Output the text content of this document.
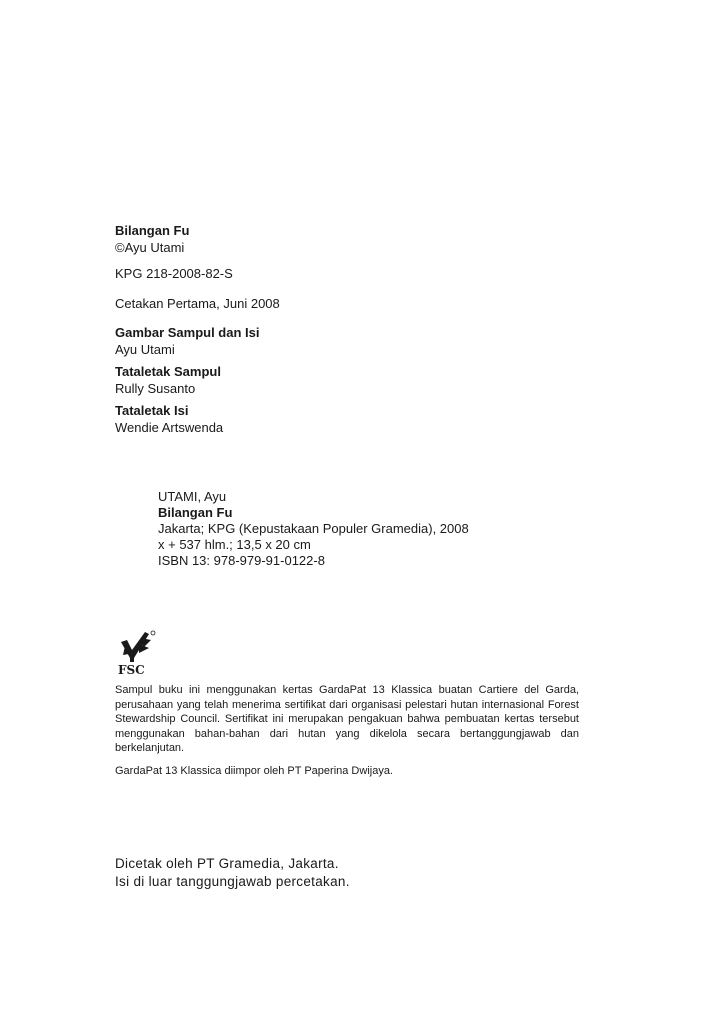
Bilangan Fu
©Ayu Utami
KPG 218-2008-82-S
Cetakan Pertama, Juni 2008
Gambar Sampul dan Isi
Ayu Utami
Tataletak Sampul
Rully Susanto
Tataletak Isi
Wendie Artswenda
UTAMI, Ayu
Bilangan Fu
Jakarta; KPG (Kepustakaan Populer Gramedia), 2008
x + 537 hlm.; 13,5 x 20 cm
ISBN 13: 978-979-91-0122-8
FSC
Sampul buku ini menggunakan kertas GardaPat 13 Klassica buatan Cartiere del Garda, perusahaan yang telah menerima sertifikat dari organisasi pelestari hutan internasional Forest Stewardship Council. Sertifikat ini merupakan pengakuan bahwa pembuatan kertas tersebut menggunakan bahan-bahan dari hutan yang dikelola secara bertanggungjawab dan berkelanjutan.
GardaPat 13 Klassica diimpor oleh PT Paperina Dwijaya.
Dicetak oleh PT Gramedia, Jakarta.
Isi di luar tanggungjawab percetakan.
